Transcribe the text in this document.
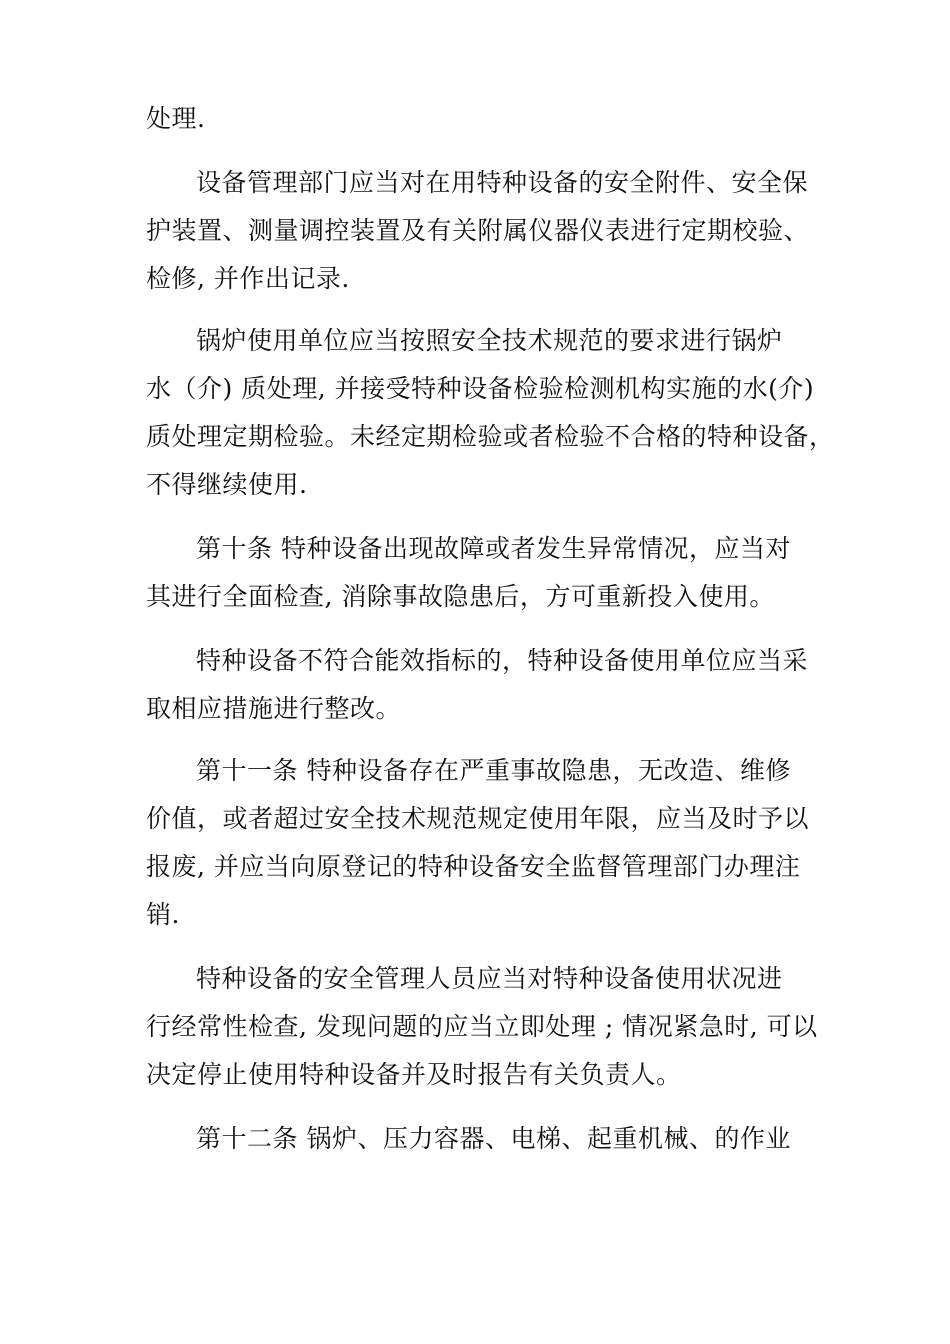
处理.
设备管理部门应当对在用特种设备的安全附件、安全保
护装置、测量调控装置及有关附属仪器仪表进行定期校验、
检修, 并作出记录.
锅炉使用单位应当按照安全技术规范的要求进行锅炉
水（介) 质处理, 并接受特种设备检验检测机构实施的水(介)
质处理定期检验。未经定期检验或者检验不合格的特种设备，
不得继续使用.
第十条 特种设备出现故障或者发生异常情况，应当对
其进行全面检查, 消除事故隐患后，方可重新投入使用。
特种设备不符合能效指标的，特种设备使用单位应当采
取相应措施进行整改。
第十一条 特种设备存在严重事故隐患，无改造、维修
价值，或者超过安全技术规范规定使用年限，应当及时予以
报废, 并应当向原登记的特种设备安全监督管理部门办理注
销.
特种设备的安全管理人员应当对特种设备使用状况进
行经常性检查, 发现问题的应当立即处理 ; 情况紧急时, 可以
决定停止使用特种设备并及时报告有关负责人。
第十二条 锅炉、压力容器、电梯、起重机械、的作业
